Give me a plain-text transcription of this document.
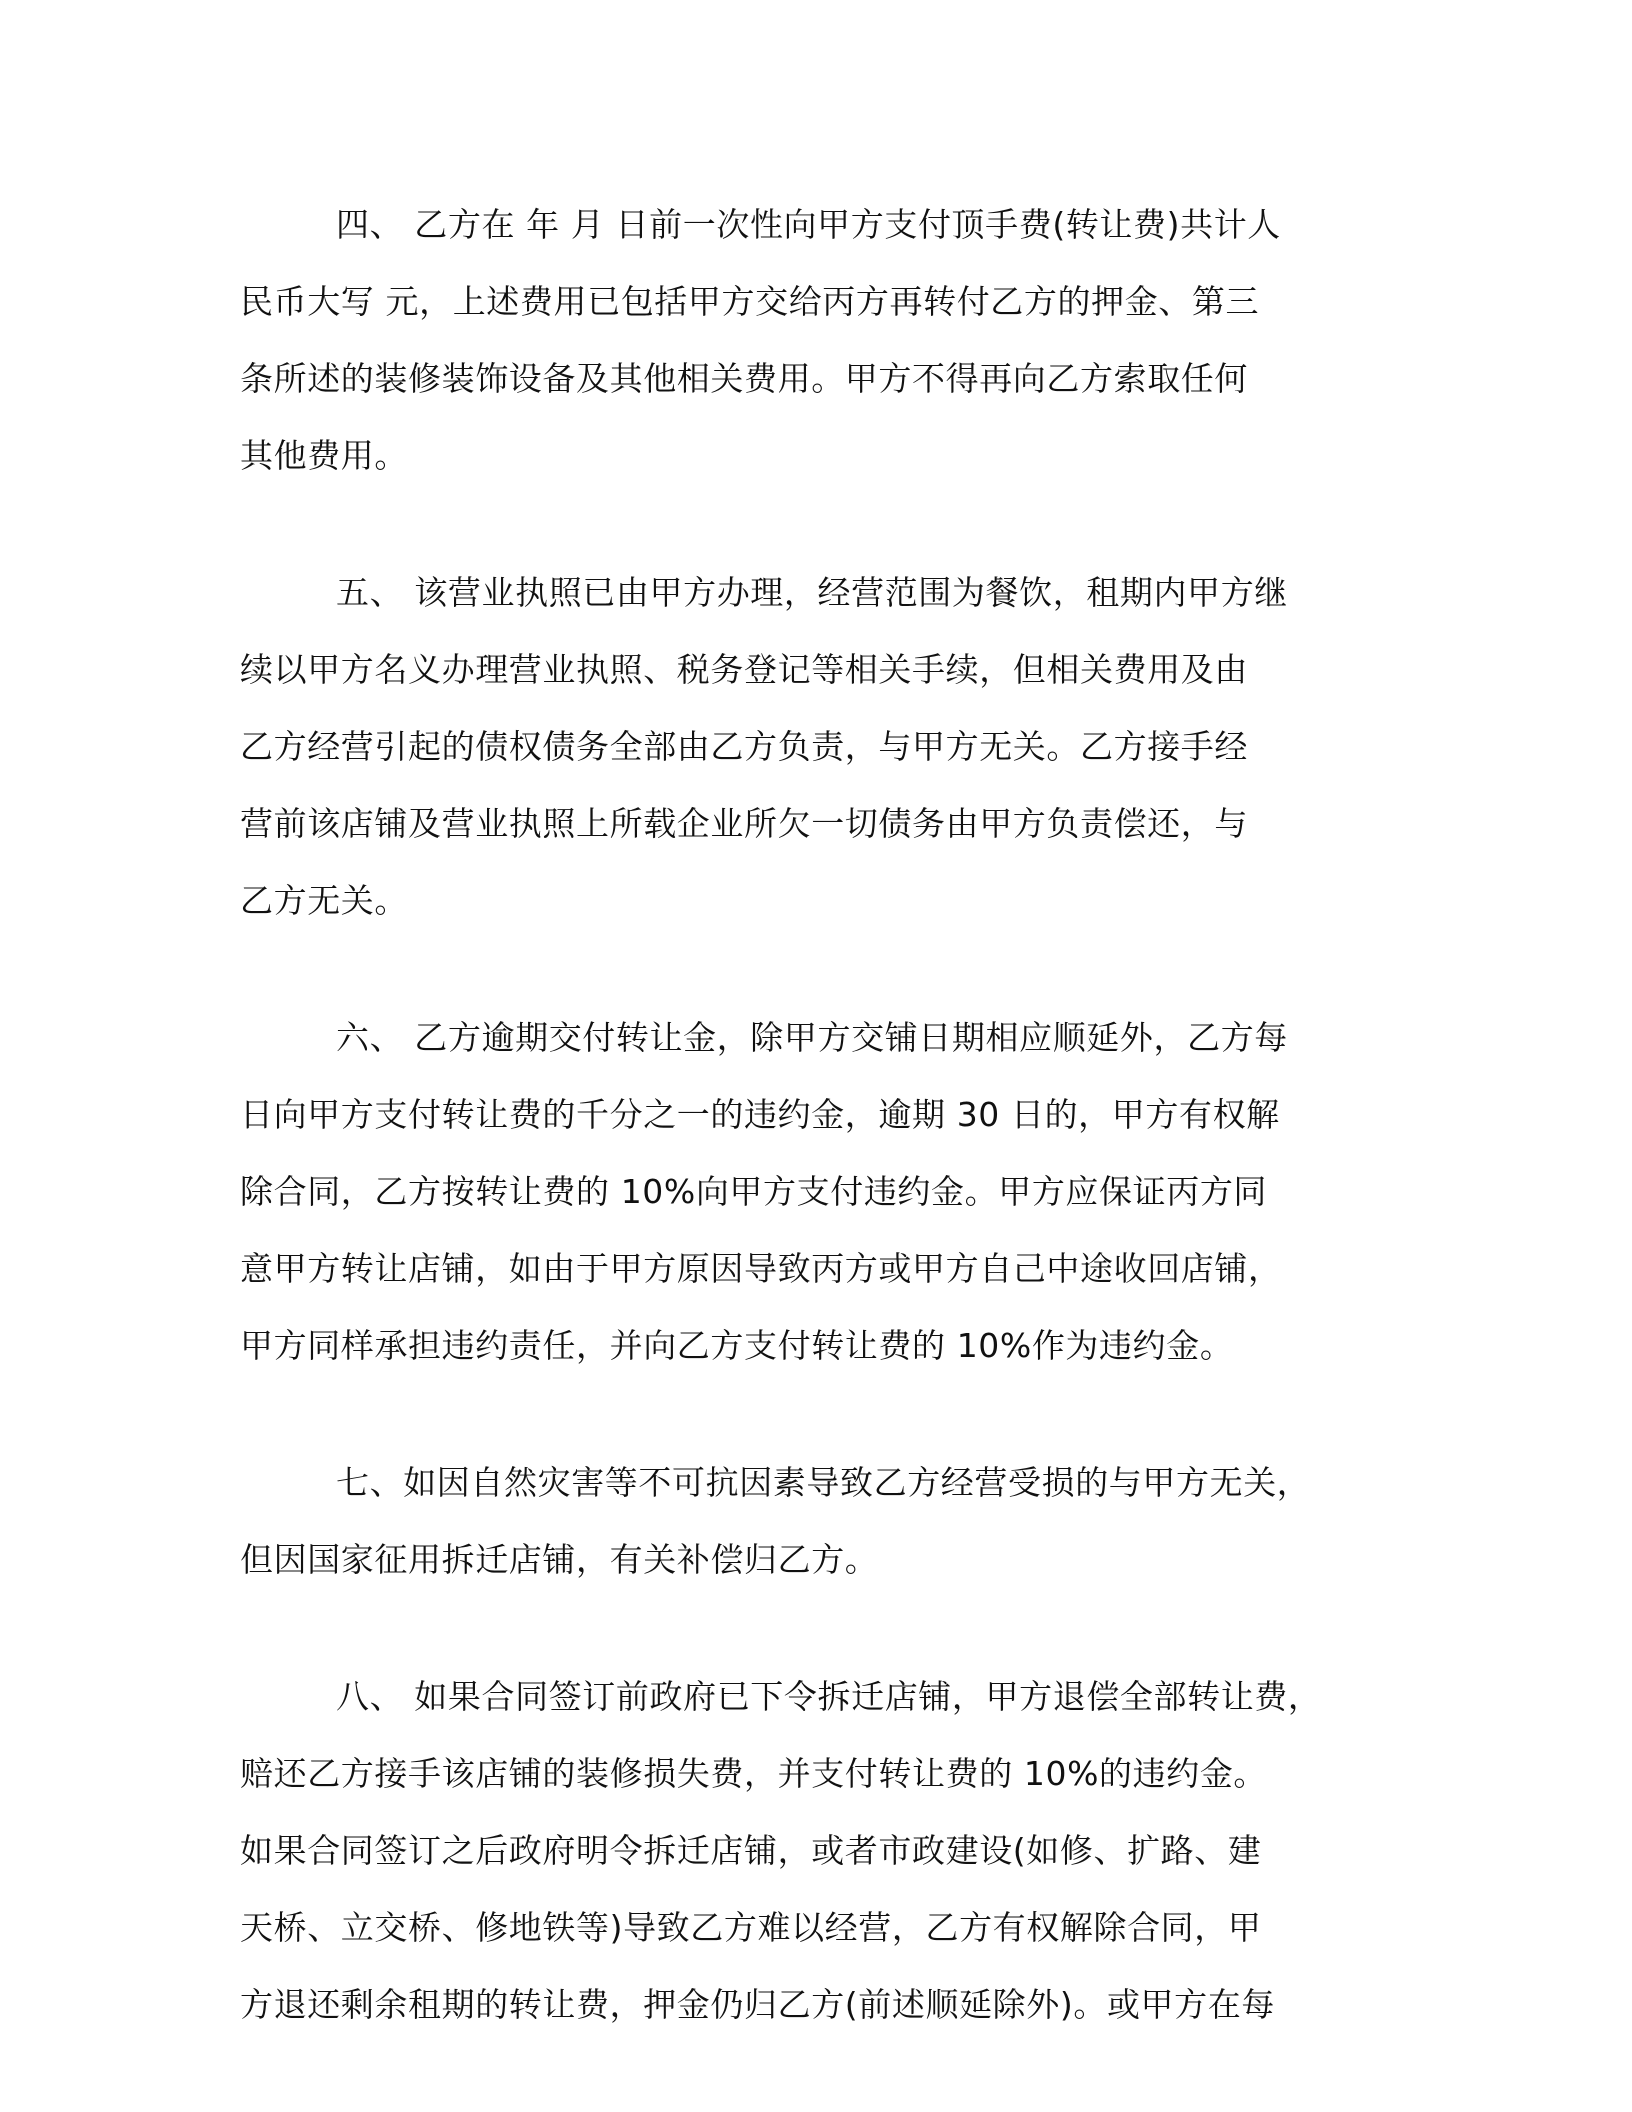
四、 乙方在 年 月 日前一次性向甲方支付顶手费(转让费)共计人
民币大写 元，上述费用已包括甲方交给丙方再转付乙方的押金、第三
条所述的装修装饰设备及其他相关费用。甲方不得再向乙方索取任何
其他费用。
五、 该营业执照已由甲方办理，经营范围为餐饮，租期内甲方继
续以甲方名义办理营业执照、税务登记等相关手续，但相关费用及由
乙方经营引起的债权债务全部由乙方负责，与甲方无关。乙方接手经
营前该店铺及营业执照上所载企业所欠一切债务由甲方负责偿还，与
乙方无关。
六、 乙方逾期交付转让金，除甲方交铺日期相应顺延外，乙方每
日向甲方支付转让费的千分之一的违约金，逾期 30 日的，甲方有权解
除合同，乙方按转让费的 10%向甲方支付违约金。甲方应保证丙方同
意甲方转让店铺，如由于甲方原因导致丙方或甲方自己中途收回店铺，
甲方同样承担违约责任，并向乙方支付转让费的 10%作为违约金。
七、如因自然灾害等不可抗因素导致乙方经营受损的与甲方无关，
但因国家征用拆迁店铺，有关补偿归乙方。
八、 如果合同签订前政府已下令拆迁店铺，甲方退偿全部转让费，
赔还乙方接手该店铺的装修损失费，并支付转让费的 10%的违约金。
如果合同签订之后政府明令拆迁店铺，或者市政建设(如修、扩路、建
天桥、立交桥、修地铁等)导致乙方难以经营，乙方有权解除合同，甲
方退还剩余租期的转让费，押金仍归乙方(前述顺延除外)。或甲方在每
